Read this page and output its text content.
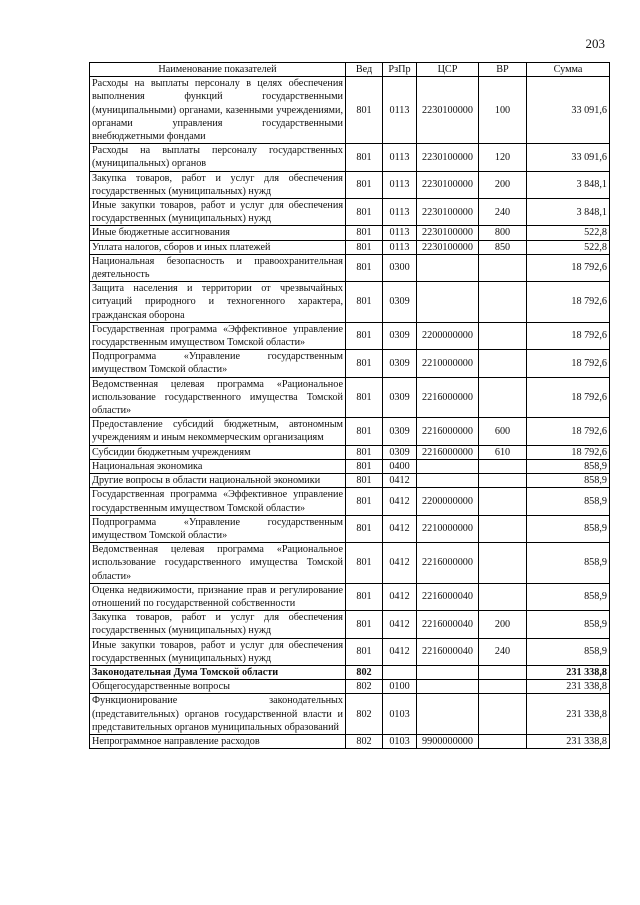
203
Наименование показателей	Вед	РзПр	ЦСР	ВР	Сумма
Расходы на выплаты персоналу в целях обеспечения выполнения функций государственными (муниципальными) органами, казенными учреждениями, органами управления государственными внебюджетными фондами	801	0113	2230100000	100	33 091,6
Расходы на выплаты персоналу государственных (муниципальных) органов	801	0113	2230100000	120	33 091,6
Закупка товаров, работ и услуг для обеспечения государственных (муниципальных) нужд	801	0113	2230100000	200	3 848,1
Иные закупки товаров, работ и услуг для обеспечения государственных (муниципальных) нужд	801	0113	2230100000	240	3 848,1
Иные бюджетные ассигнования	801	0113	2230100000	800	522,8
Уплата налогов, сборов и иных платежей	801	0113	2230100000	850	522,8
Национальная безопасность и правоохранительная деятельность	801	0300			18 792,6
Защита населения и территории от чрезвычайных ситуаций природного и техногенного характера, гражданская оборона	801	0309			18 792,6
Государственная программа «Эффективное управление государственным имуществом Томской области»	801	0309	2200000000		18 792,6
Подпрограмма «Управление государственным имуществом Томской области»	801	0309	2210000000		18 792,6
Ведомственная целевая программа «Рациональное использование государственного имущества Томской области»	801	0309	2216000000		18 792,6
Предоставление субсидий бюджетным, автономным учреждениям и иным некоммерческим организациям	801	0309	2216000000	600	18 792,6
Субсидии бюджетным учреждениям	801	0309	2216000000	610	18 792,6
Национальная экономика	801	0400			858,9
Другие вопросы в области национальной экономики	801	0412			858,9
Государственная программа «Эффективное управление государственным имуществом Томской области»	801	0412	2200000000		858,9
Подпрограмма «Управление государственным имуществом Томской области»	801	0412	2210000000		858,9
Ведомственная целевая программа «Рациональное использование государственного имущества Томской области»	801	0412	2216000000		858,9
Оценка недвижимости, признание прав и регулирование отношений по государственной собственности	801	0412	2216000040		858,9
Закупка товаров, работ и услуг для обеспечения государственных (муниципальных) нужд	801	0412	2216000040	200	858,9
Иные закупки товаров, работ и услуг для обеспечения государственных (муниципальных) нужд	801	0412	2216000040	240	858,9
Законодательная Дума Томской области	802				231 338,8
Общегосударственные вопросы	802	0100			231 338,8
Функционирование законодательных (представительных) органов государственной власти и представительных органов муниципальных образований	802	0103			231 338,8
Непрограммное направление расходов	802	0103	9900000000		231 338,8
